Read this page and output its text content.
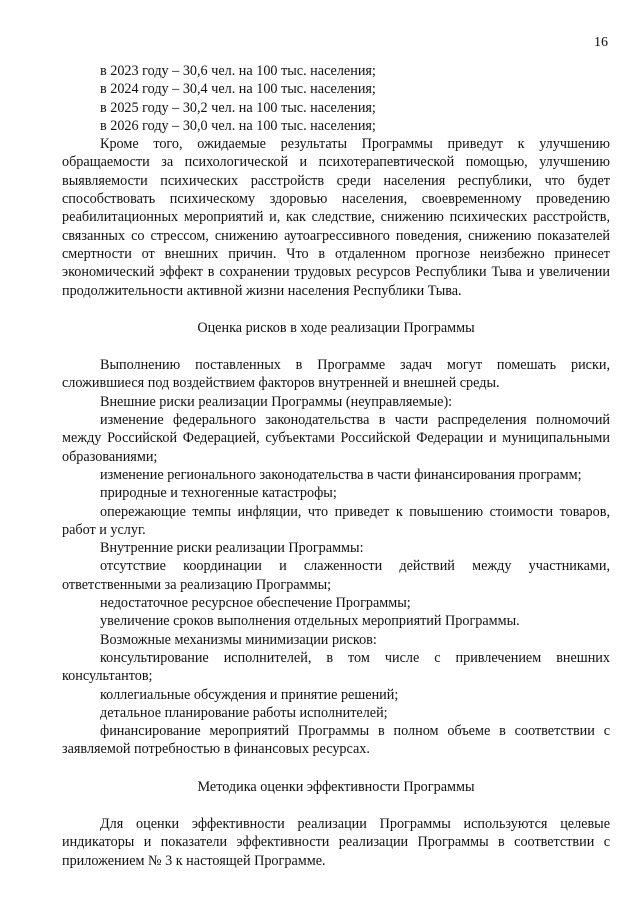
16

в 2023 году – 30,6 чел. на 100 тыс. населения;

в 2024 году – 30,4 чел. на 100 тыс. населения;

в 2025 году – 30,2 чел. на 100 тыс. населения;

в 2026 году – 30,0 чел. на 100 тыс. населения;

Кроме того, ожидаемые результаты Программы приведут к улучшению обращаемости за психологической и психотерапевтической помощью, улучшению выявляемости психических расстройств среди населения республики, что будет способствовать психическому здоровью населения, своевременному проведению реабилитационных мероприятий и, как следствие, снижению психических расстройств, связанных со стрессом, снижению аутоагрессивного поведения, снижению показателей смертности от внешних причин. Что в отдаленном прогнозе неизбежно принесет экономический эффект в сохранении трудовых ресурсов Республики Тыва и увеличении продолжительности активной жизни населения Республики Тыва.

Оценка рисков в ходе реализации Программы

Выполнению поставленных в Программе задач могут помешать риски, сложившиеся под воздействием факторов внутренней и внешней среды.

Внешние риски реализации Программы (неуправляемые):

изменение федерального законодательства в части распределения полномочий между Российской Федерацией, субъектами Российской Федерации и муниципальными образованиями;

изменение регионального законодательства в части финансирования программ;

природные и техногенные катастрофы;

опережающие темпы инфляции, что приведет к повышению стоимости товаров, работ и услуг.

Внутренние риски реализации Программы:

отсутствие координации и слаженности действий между участниками, ответственными за реализацию Программы;

недостаточное ресурсное обеспечение Программы;

увеличение сроков выполнения отдельных мероприятий Программы.

Возможные механизмы минимизации рисков:

консультирование исполнителей, в том числе с привлечением внешних консультантов;

коллегиальные обсуждения и принятие решений;

детальное планирование работы исполнителей;

финансирование мероприятий Программы в полном объеме в соответствии с заявляемой потребностью в финансовых ресурсах.

Методика оценки эффективности Программы

Для оценки эффективности реализации Программы используются целевые индикаторы и показатели эффективности реализации Программы в соответствии с приложением № 3 к настоящей Программе.
